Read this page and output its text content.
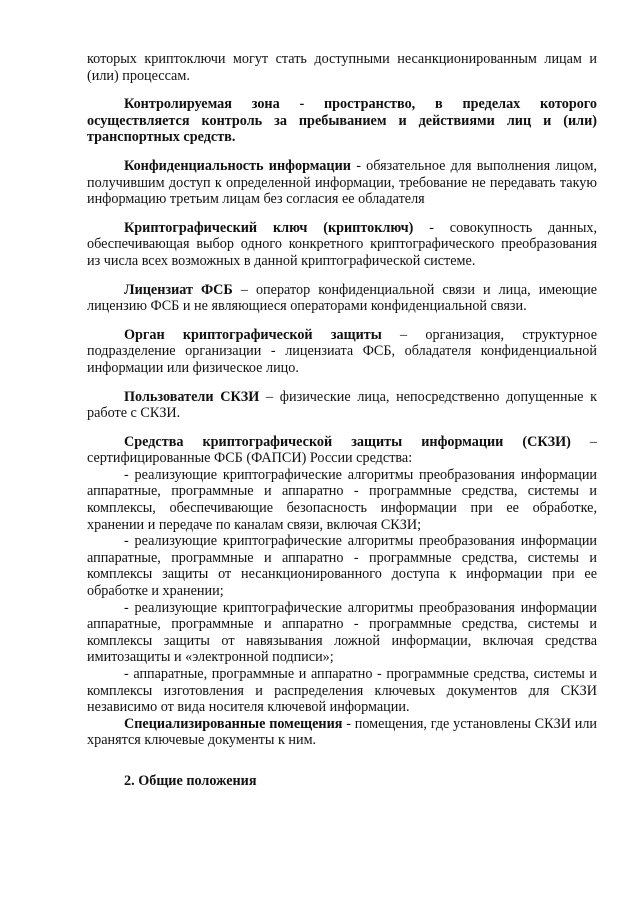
которых криптоключи могут стать доступными несанкционированным лицам и (или) процессам.

Контролируемая зона - пространство, в пределах которого осуществляется контроль за пребыванием и действиями лиц и (или) транспортных средств.

Конфиденциальность информации - обязательное для выполнения лицом, получившим доступ к определенной информации, требование не передавать такую информацию третьим лицам без согласия ее обладателя

Криптографический ключ (криптоключ) - совокупность данных, обеспечивающая выбор одного конкретного криптографического преобразования из числа всех возможных в данной криптографической системе.

Лицензиат ФСБ – оператор конфиденциальной связи и лица, имеющие лицензию ФСБ и не являющиеся операторами конфиденциальной связи.

Орган криптографической защиты – организация, структурное подразделение организации - лицензиата ФСБ, обладателя конфиденциальной информации или физическое лицо.

Пользователи СКЗИ – физические лица, непосредственно допущенные к работе с СКЗИ.

Средства криптографической защиты информации (СКЗИ) – сертифицированные ФСБ (ФАПСИ) России средства:

- реализующие криптографические алгоритмы преобразования информации аппаратные, программные и аппаратно - программные средства, системы и комплексы, обеспечивающие безопасность информации при ее обработке, хранении и передаче по каналам связи, включая СКЗИ;

- реализующие криптографические алгоритмы преобразования информации аппаратные, программные и аппаратно - программные средства, системы и комплексы защиты от несанкционированного доступа к информации при ее обработке и хранении;

- реализующие криптографические алгоритмы преобразования информации аппаратные, программные и аппаратно - программные средства, системы и комплексы защиты от навязывания ложной информации, включая средства имитозащиты и «электронной подписи»;

- аппаратные, программные и аппаратно - программные средства, системы и комплексы изготовления и распределения ключевых документов для СКЗИ независимо от вида носителя ключевой информации.

Специализированные помещения - помещения, где установлены СКЗИ или хранятся ключевые документы к ним.

2. Общие положения
